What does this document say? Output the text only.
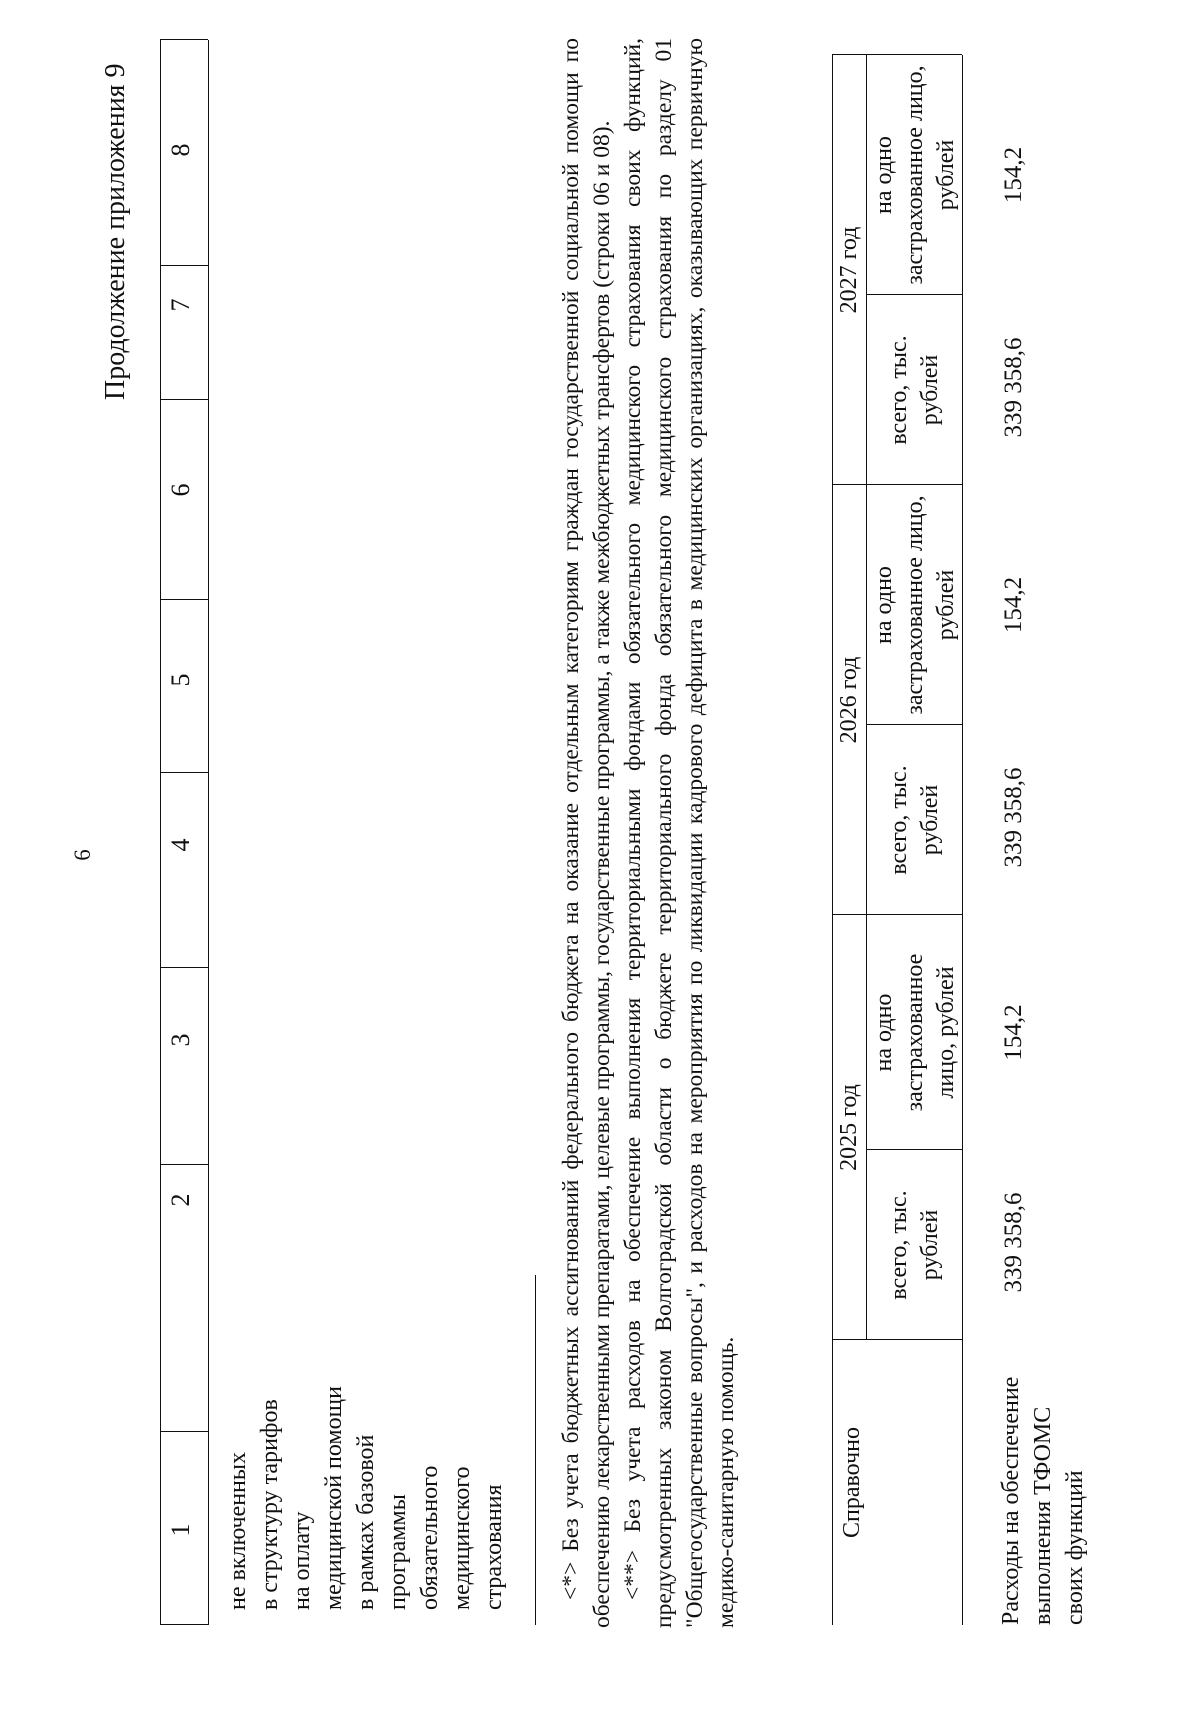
6
Продолжение приложения 9
1
2
3
4
5
6
7
8
не включенных в структуру тарифов на оплату медицинской помощи в рамках базовой программы обязательного медицинского страхования <*> Без учета бюджетных ассигнований федерального бюджета на оказание отдельным категориям граждан государственной социальной помощи по обеспечению лекарственными препаратами, целевые программы, государственные программы, а также межбюджетных трансфертов (строки 06 и 08). <**> Без учета расходов на обеспечение выполнения территориальными фондами обязательного медицинского страхования своих функций, предусмотренных законом Волгоградской области о бюджете территориального фонда обязательного медицинского страхования по разделу 01 "Общегосударственные вопросы", и расходов на мероприятия по ликвидации кадрового дефицита в медицинских организациях, оказывающих первичную медико-санитарную помощь.	Справочно
2025 год
2026 год
2027 год
всего, тыс. рублей
на одно застрахованное лицо, рублей
всего, тыс. рублей
на одно застрахованное лицо, рублей
всего, тыс. рублей
на одно застрахованное лицо, рублей
Расходы на обеспечение выполнения ТФОМС своих функций
339 358,6
154,2
339 358,6
154,2
339 358,6
154,2
